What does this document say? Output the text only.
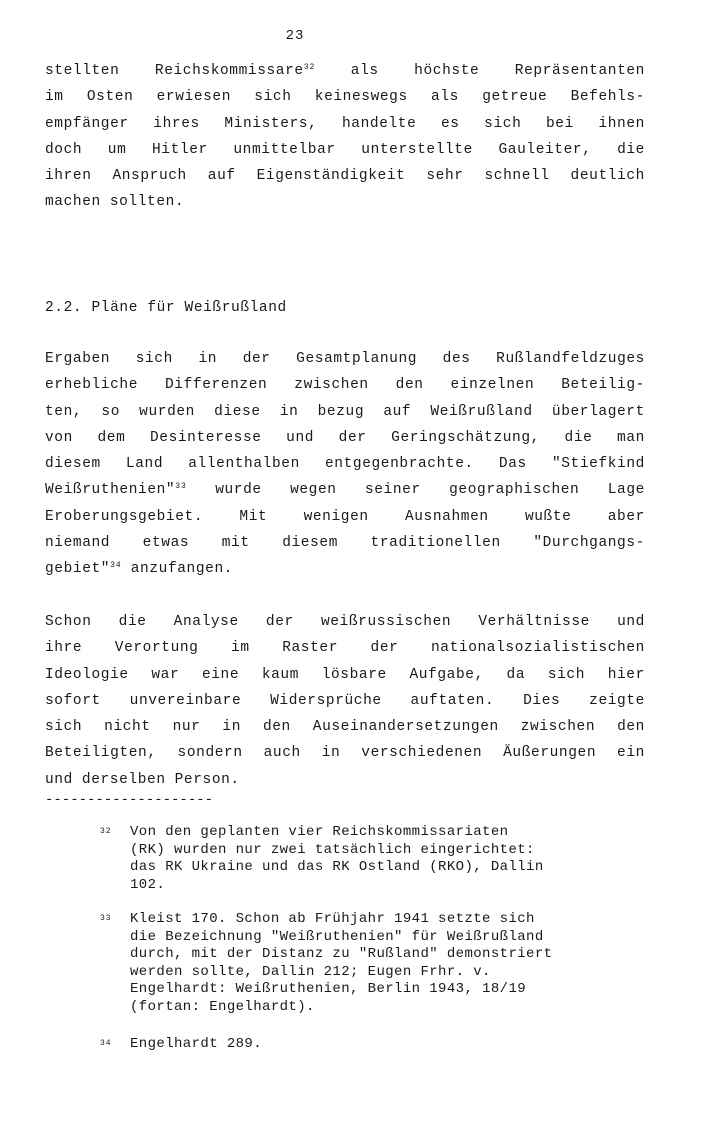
23
stellten Reichskommissare$^{32}$ als höchste Repräsentanten
im Osten erwiesen sich keineswegs als getreue Befehls-
empfänger ihres Ministers, handelte es sich bei ihnen
doch um Hitler unmittelbar unterstellte Gauleiter, die
ihren Anspruch auf Eigenständigkeit sehr schnell deutlich
machen sollten.
2.2. Pläne für Weißrußland
Ergaben sich in der Gesamtplanung des Rußlandfeldzuges
erhebliche Differenzen zwischen den einzelnen Beteilig-
ten, so wurden diese in bezug auf Weißrußland überlagert
von dem Desinteresse und der Geringschätzung, die man
diesem Land allenthalben entgegenbrachte. Das "Stiefkind
Weißruthenien"$^{33}$ wurde wegen seiner geographischen Lage
Eroberungsgebiet.	Mit	wenigen	Ausnahmen	wußte	aber
niemand etwas mit diesem traditionellen "Durchgangs-
gebiet"$^{34}$ anzufangen.
Schon die Analyse der weißrussischen Verhältnisse und
ihre Verortung im Raster der nationalsozialistischen
Ideologie war eine kaum lösbare Aufgabe, da sich hier
sofort unvereinbare Widersprüche auftaten. Dies zeigte
sich nicht nur in den Auseinandersetzungen zwischen den
Beteiligten, sondern auch in verschiedenen Äußerungen ein
und derselben Person.
--------------------
32	Von den geplanten vier Reichskommissariaten
(RK) wurden nur zwei tatsächlich eingerichtet:
das RK Ukraine und das RK Ostland (RKO), Dallin
102.
33	Kleist 170. Schon ab Frühjahr 1941 setzte sich
die Bezeichnung "Weißruthenien" für Weißrußland
durch, mit der Distanz zu "Rußland" demonstriert
werden sollte, Dallin 212; Eugen Frhr. v.
Engelhardt: Weißruthenien, Berlin 1943, 18/19
(fortan: Engelhardt).
34	Engelhardt 289.
